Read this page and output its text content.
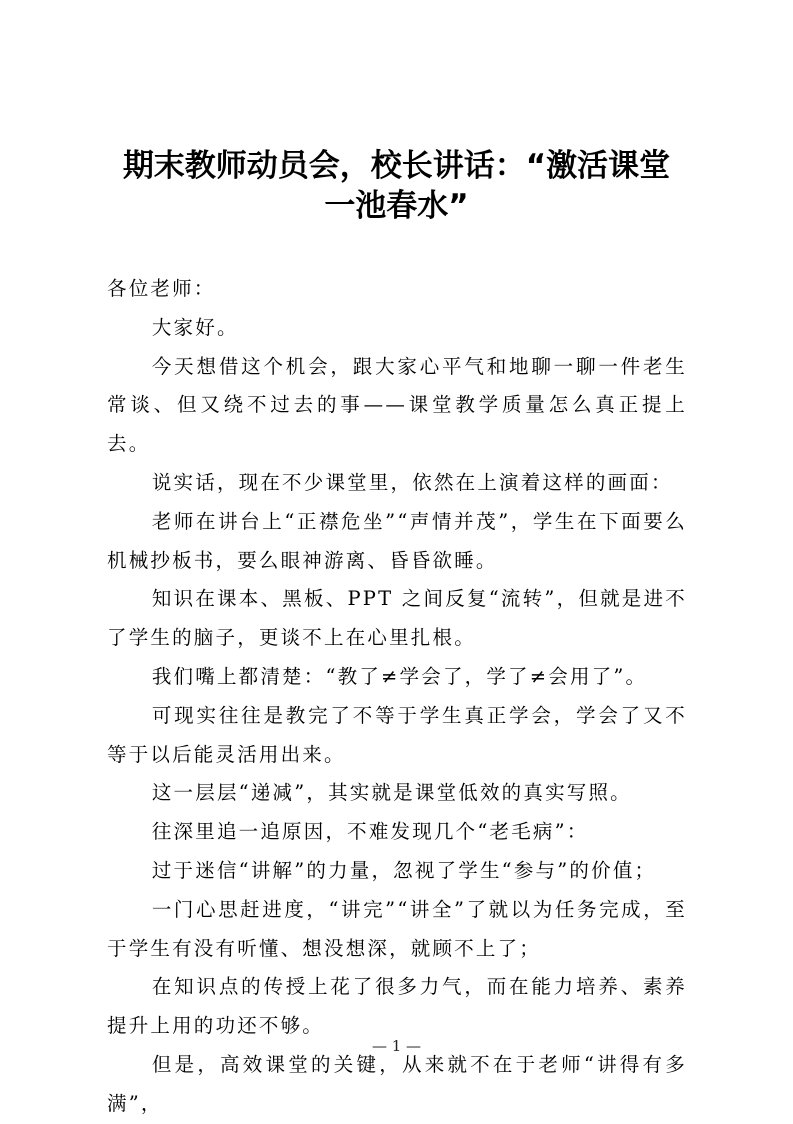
期末教师动员会，校长讲话：“激活课堂
一池春水”

各位老师：

大家好。

今天想借这个机会，跟大家心平气和地聊一聊一件老生常谈、但又绕不过去的事——课堂教学质量怎么真正提上去。

说实话，现在不少课堂里，依然在上演着这样的画面：

老师在讲台上“正襟危坐”“声情并茂”，学生在下面要么机械抄板书，要么眼神游离、昏昏欲睡。

知识在课本、黑板、PPT 之间反复“流转”，但就是进不了学生的脑子，更谈不上在心里扎根。

我们嘴上都清楚：“教了≠学会了，学了≠会用了”。

可现实往往是教完了不等于学生真正学会，学会了又不等于以后能灵活用出来。

这一层层“递减”，其实就是课堂低效的真实写照。

往深里追一追原因，不难发现几个“老毛病”：

过于迷信“讲解”的力量，忽视了学生“参与”的价值；

一门心思赶进度，“讲完”“讲全”了就以为任务完成，至于学生有没有听懂、想没想深，就顾不上了；

在知识点的传授上花了很多力气，而在能力培养、素养提升上用的功还不够。

但是，高效课堂的关键，从来就不在于老师“讲得有多满”，

— 1 —
